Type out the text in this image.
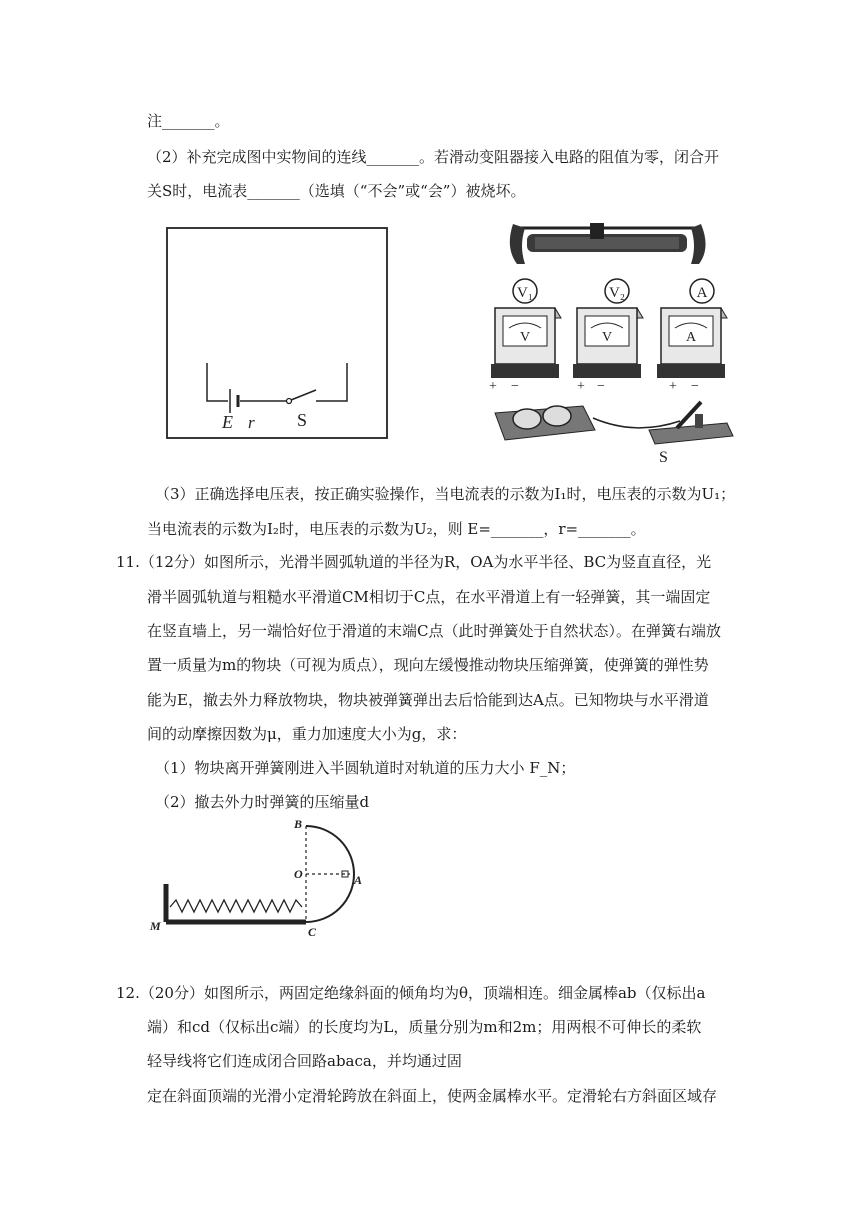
注_______。
（2）补充完成图中实物间的连线_______。若滑动变阻器接入电路的阻值为零，闭合开
关S时，电流表_______（选填（“不会”或“会”）被烧坏。
E r S
V₁
V
+ −
V₂
V
+ −
A
A
+ −
S
（3）正确选择电压表，按正确实验操作，当电流表的示数为I₁时，电压表的示数为U₁；
当电流表的示数为I₂时，电压表的示数为U₂，则 E=_______，r=_______。
11.（12分）如图所示，光滑半圆弧轨道的半径为R，OA为水平半径、BC为竖直直径，光
滑半圆弧轨道与粗糙水平滑道CM相切于C点，在水平滑道上有一轻弹簧，其一端固定
在竖直墙上，另一端恰好位于滑道的末端C点（此时弹簧处于自然状态）。在弹簧右端放
置一质量为m的物块（可视为质点），现向左缓慢推动物块压缩弹簧，使弹簧的弹性势
能为E，撤去外力释放物块，物块被弹簧弹出去后恰能到达A点。已知物块与水平滑道
间的动摩擦因数为μ，重力加速度大小为g，求：
（1）物块离开弹簧刚进入半圆轨道时对轨道的压力大小 F_N；
（2）撤去外力时弹簧的压缩量d
B
O	A
M	C
12.（20分）如图所示，两固定绝缘斜面的倾角均为θ，顶端相连。细金属棒ab（仅标出a
端）和cd（仅标出c端）的长度均为L，质量分别为m和2m；用两根不可伸长的柔软
轻导线将它们连成闭合回路abaca，并均通过固
定在斜面顶端的光滑小定滑轮跨放在斜面上，使两金属棒水平。定滑轮右方斜面区域存
